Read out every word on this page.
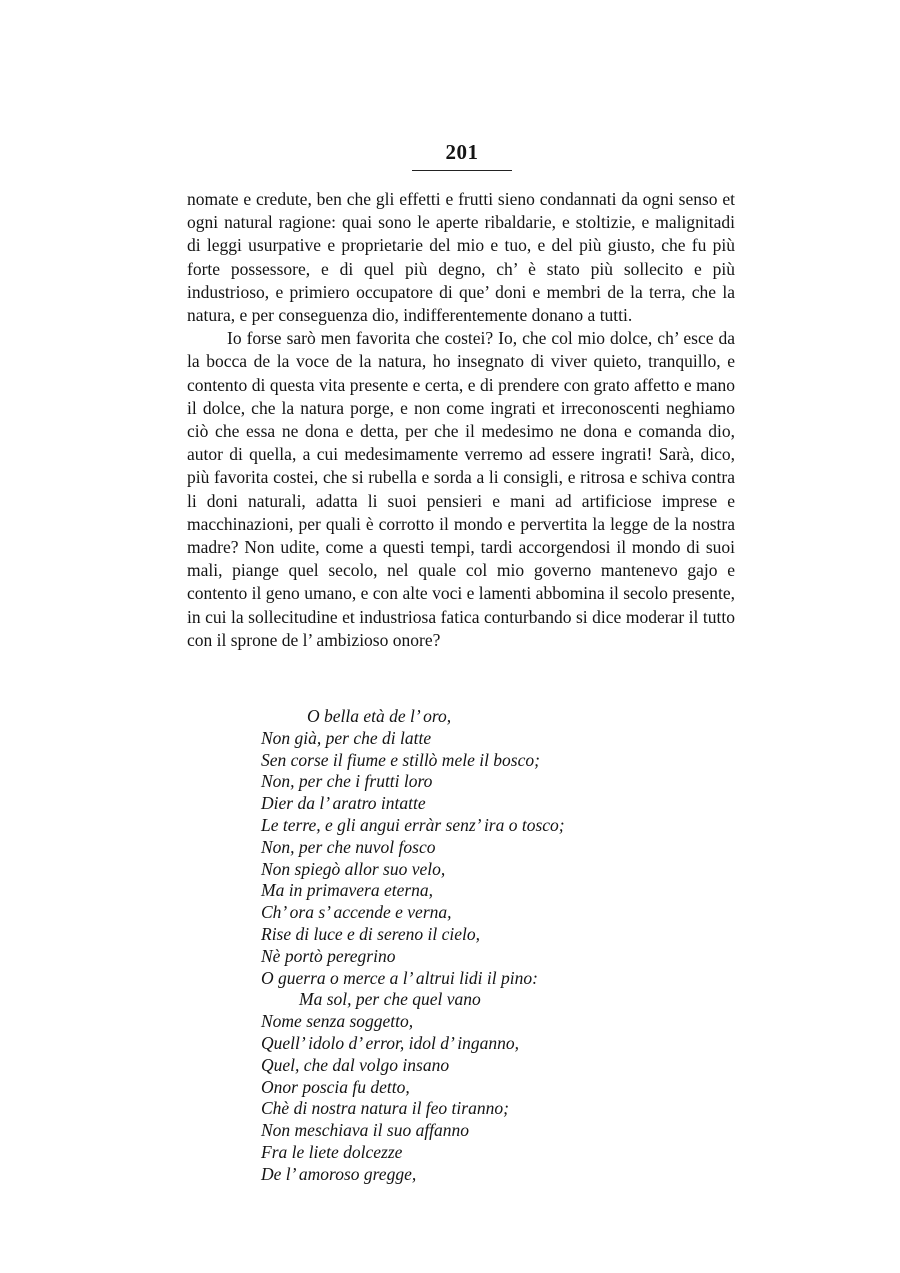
201

nomate e credute, ben che gli effetti e frutti sieno condannati da ogni senso et ogni natural ragione: quai sono le aperte ribaldarie, e stoltizie, e malignitadi di leggi usurpative e proprietarie del mio e tuo, e del più giusto, che fu più forte possessore, e di quel più degno, ch’ è stato più sollecito e più industrioso, e primiero occupatore di que’ doni e membri de la terra, che la natura, e per conseguenza dio, indifferentemente donano a tutti.

Io forse sarò men favorita che costei? Io, che col mio dolce, ch’ esce da la bocca de la voce de la natura, ho insegnato di viver quieto, tranquillo, e contento di questa vita presente e certa, e di prendere con grato affetto e mano il dolce, che la natura porge, e non come ingrati et irreconoscenti neghiamo ciò che essa ne dona e detta, per che il medesimo ne dona e comanda dio, autor di quella, a cui medesimamente verremo ad essere ingrati! Sarà, dico, più favorita costei, che si rubella e sorda a li consigli, e ritrosa e schiva contra li doni naturali, adatta li suoi pensieri e mani ad artificiose imprese e macchinazioni, per quali è corrotto il mondo e pervertita la legge de la nostra madre? Non udite, come a questi tempi, tardi accorgendosi il mondo di suoi mali, piange quel secolo, nel quale col mio governo mantenevo gajo e contento il geno umano, e con alte voci e lamenti abbomina il secolo presente, in cui la sollecitudine et industriosa fatica conturbando si dice moderar il tutto con il sprone de l’ ambizioso onore?

O bella età de l’ oro,
Non già, per che di latte
Sen corse il fiume e stillò mele il bosco;
Non, per che i frutti loro
Dier da l’ aratro intatte
Le terre, e gli angui erràr senz’ ira o tosco;
Non, per che nuvol fosco
Non spiegò allor suo velo,
Ma in primavera eterna,
Ch’ ora s’ accende e verna,
Rise di luce e di sereno il cielo,
Nè portò peregrino
O guerra o merce a l’ altrui lidi il pino:
Ma sol, per che quel vano
Nome senza soggetto,
Quell’ idolo d’ error, idol d’ inganno,
Quel, che dal volgo insano
Onor poscia fu detto,
Chè di nostra natura il feo tiranno;
Non meschiava il suo affanno
Fra le liete dolcezze
De l’ amoroso gregge,
